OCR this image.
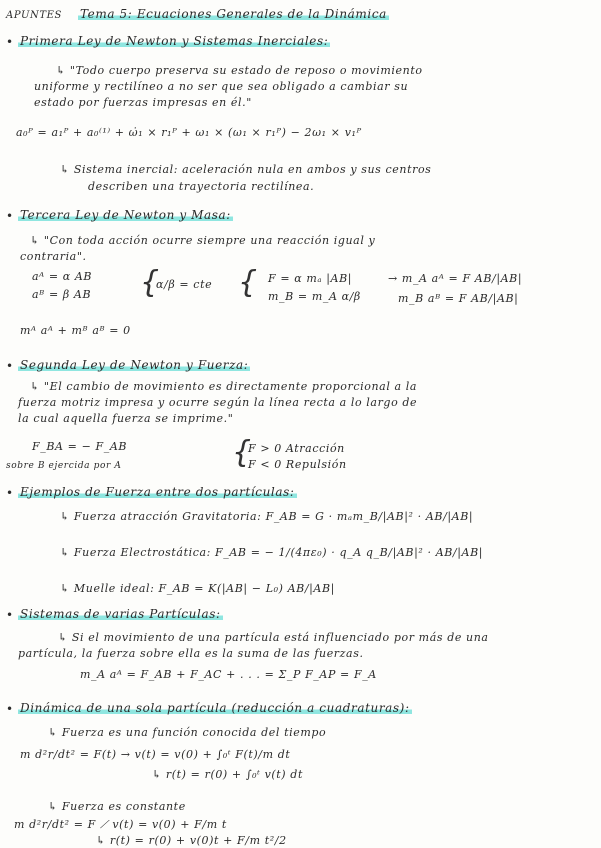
APUNTES Tema 5: Ecuaciones Generales de la Dinámica
• Primera Ley de Newton y Sistemas Inerciales:
↳ "Todo cuerpo preserva su estado de reposo o movimiento
uniforme y rectilíneo a no ser que sea obligado a cambiar su
estado por fuerzas impresas en él."
a₀ᴾ = a₁ᴾ + a₀⁽¹⁾ + ω̇₁ × r₁ᴾ + ω₁ × (ω₁ × r₁ᴾ) − 2ω₁ × v₁ᴾ
↳ Sistema inercial: aceleración nula en ambos y sus centros
describen una trayectoria rectilínea.
• Tercera Ley de Newton y Masa:
↳ "Con toda acción ocurre siempre una reacción igual y
contraria".
aᴬ = α AB
aᴮ = β AB {
α/β = cte { F = α mₐ |AB|
m_B = m_A α/β
→ m_A aᴬ = F AB/|AB|
m_B aᴮ = F AB/|AB|
mᴬ aᴬ + mᴮ aᴮ = 0
• Segunda Ley de Newton y Fuerza:
↳ "El cambio de movimiento es directamente proporcional a la
fuerza motriz impresa y ocurre según la línea recta a lo largo de
la cual aquella fuerza se imprime."
F_BA = − F_AB
sobre B ejercida por A	{
F > 0 Atracción
F < 0 Repulsión
• Ejemplos de Fuerza entre dos partículas:
↳ Fuerza atracción Gravitatoria: F_AB = G · mₐm_B/|AB|² · AB/|AB|
↳ Fuerza Electrostática: F_AB = − 1/(4πε₀) · q_A q_B/|AB|² · AB/|AB|
↳ Muelle ideal: F_AB = K(|AB| − L₀) AB/|AB|
• Sistemas de varias Partículas:
↳ Si el movimiento de una partícula está influenciado por más de una
partícula, la fuerza sobre ella es la suma de las fuerzas.
m_A aᴬ = F_AB + F_AC + . . . = Σ_P F_AP = F_A
• Dinámica de una sola partícula (reducción a cuadraturas):
↳ Fuerza es una función conocida del tiempo
m d²r/dt² = F(t) → v(t) = v(0) + ∫₀ᵗ F(t)/m dt
↳ r(t) = r(0) + ∫₀ᵗ v(t) dt
↳ Fuerza es constante
m d²r/dt² = F ⟋ v(t) = v(0) + F/m t
↳ r(t) = r(0) + v(0)t + F/m t²/2
